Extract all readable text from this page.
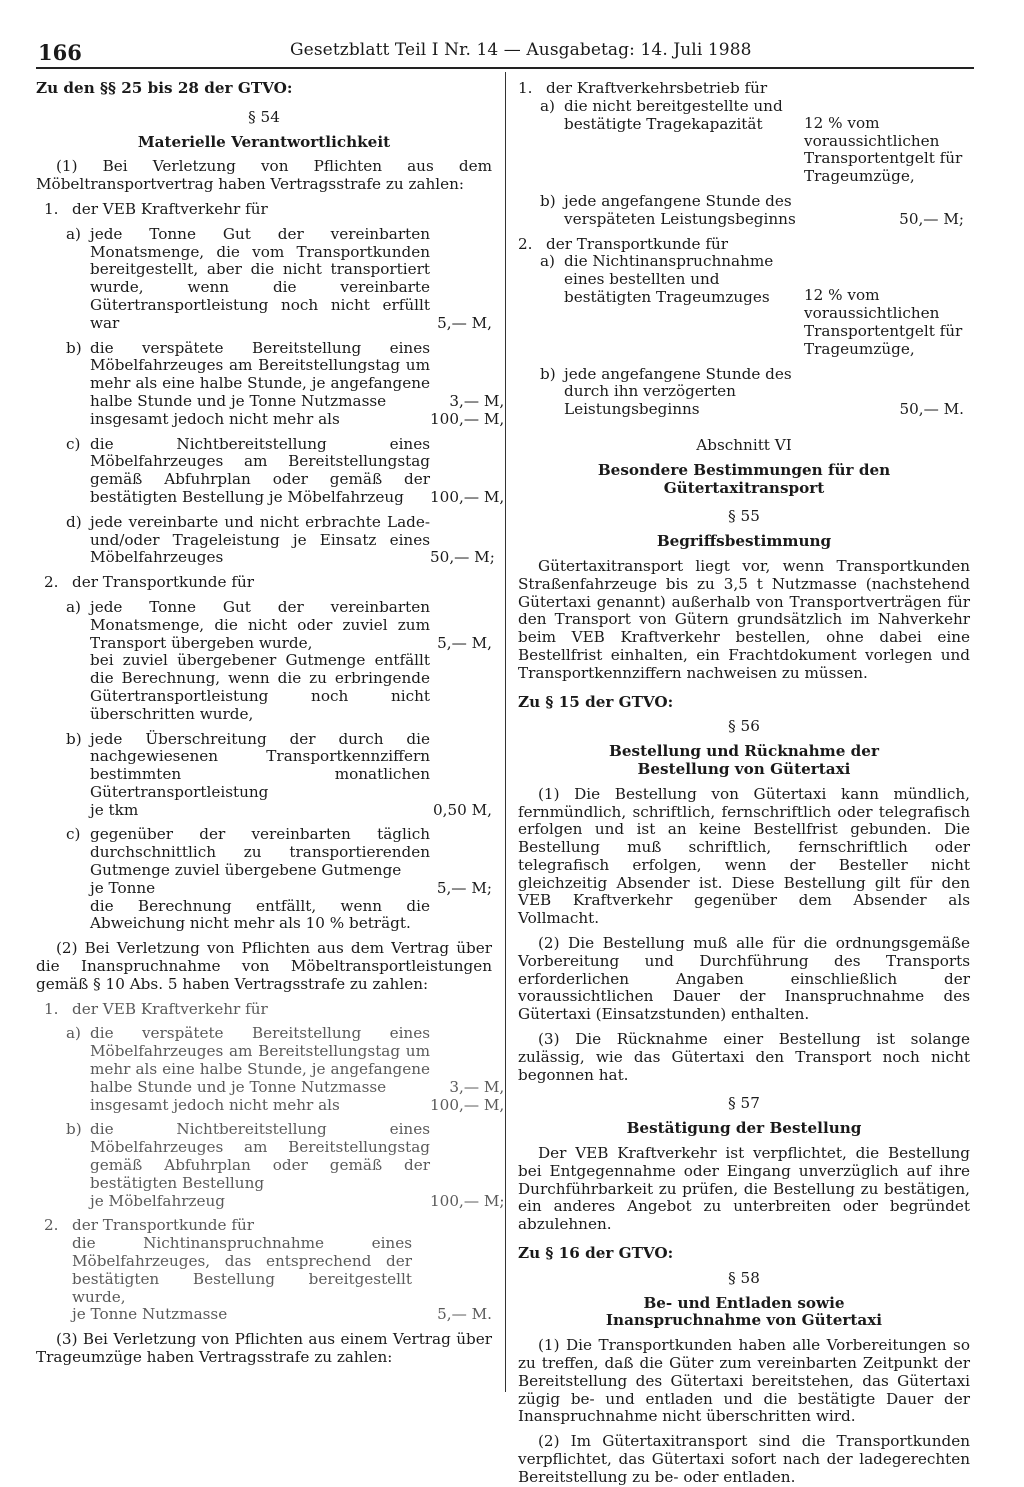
166	Gesetzblatt Teil I Nr. 14 — Ausgabetag: 14. Juli 1988

Zu den §§ 25 bis 28 der GTVO:

§ 54

Materielle Verantwortlichkeit

(1) Bei Verletzung von Pflichten aus dem Möbeltransportvertrag haben Vertragsstrafe zu zahlen:

1. der VEB Kraftverkehr für
a) jede Tonne Gut der vereinbarten Monatsmenge, die vom Transportkunden bereitgestellt, aber die nicht transportiert wurde, wenn die vereinbarte Gütertransportleistung noch nicht erfüllt war	5,— M,
b) die verspätete Bereitstellung eines Möbelfahrzeuges am Bereitstellungstag um mehr als eine halbe Stunde, je angefangene halbe Stunde und je Tonne Nutzmasse	3,— M,
insgesamt jedoch nicht mehr als	100,— M,
c) die Nichtbereitstellung eines Möbelfahrzeuges am Bereitstellungstag gemäß Abfuhrplan oder gemäß der bestätigten Bestellung je Möbelfahrzeug	100,— M,
d) jede vereinbarte und nicht erbrachte Lade- und/oder Trageleistung je Einsatz eines Möbelfahrzeuges	50,— M;
2. der Transportkunde für
a) jede Tonne Gut der vereinbarten Monatsmenge, die nicht oder zuviel zum Transport übergeben wurde,	5,— M,
bei zuviel übergebener Gutmenge entfällt die Berechnung, wenn die zu erbringende Gütertransportleistung noch nicht überschritten wurde,
b) jede Überschreitung der durch die nachgewiesenen Transportkennziffern bestimmten monatlichen Gütertransportleistung
je tkm	0,50 M,
c) gegenüber der vereinbarten täglich durchschnittlich zu transportierenden Gutmenge zuviel übergebene Gutmenge
je Tonne	5,— M;
die Berechnung entfällt, wenn die Abweichung nicht mehr als 10 % beträgt.

(2) Bei Verletzung von Pflichten aus dem Vertrag über die Inanspruchnahme von Möbeltransportleistungen gemäß § 10 Abs. 5 haben Vertragsstrafe zu zahlen:

1. der VEB Kraftverkehr für
a) die verspätete Bereitstellung eines Möbelfahrzeuges am Bereitstellungstag um mehr als eine halbe Stunde, je angefangene halbe Stunde und je Tonne Nutzmasse	3,— M,
insgesamt jedoch nicht mehr als	100,— M,
b) die Nichtbereitstellung eines Möbelfahrzeuges am Bereitstellungstag gemäß Abfuhrplan oder gemäß der bestätigten Bestellung
je Möbelfahrzeug	100,— M;
2. der Transportkunde für
die Nichtinanspruchnahme eines Möbelfahrzeuges, das entsprechend der bestätigten Bestellung bereitgestellt wurde,
je Tonne Nutzmasse	5,— M.

(3) Bei Verletzung von Pflichten aus einem Vertrag über Trageumzüge haben Vertragsstrafe zu zahlen:

1. der Kraftverkehrsbetrieb für
a) die nicht bereitgestellte und bestätigte Tragekapazität	12 % vom voraussichtlichen Transportentgelt für Trageumzüge,
b) jede angefangene Stunde des verspäteten Leistungsbeginns	50,— M;
2. der Transportkunde für
a) die Nichtinanspruchnahme eines bestellten und bestätigten Trageumzuges	12 % vom voraussichtlichen Transportentgelt für Trageumzüge,
b) jede angefangene Stunde des durch ihn verzögerten Leistungsbeginns	50,— M.

Abschnitt VI

Besondere Bestimmungen für den Gütertaxitransport

§ 55

Begriffsbestimmung

Gütertaxitransport liegt vor, wenn Transportkunden Straßenfahrzeuge bis zu 3,5 t Nutzmasse (nachstehend Gütertaxi genannt) außerhalb von Transportverträgen für den Transport von Gütern grundsätzlich im Nahverkehr beim VEB Kraftverkehr bestellen, ohne dabei eine Bestellfrist einhalten, ein Frachtdokument vorlegen und Transportkennziffern nachweisen zu müssen.

Zu § 15 der GTVO:

§ 56

Bestellung und Rücknahme der Bestellung von Gütertaxi

(1) Die Bestellung von Gütertaxi kann mündlich, fernmündlich, schriftlich, fernschriftlich oder telegrafisch erfolgen und ist an keine Bestellfrist gebunden. Die Bestellung muß schriftlich, fernschriftlich oder telegrafisch erfolgen, wenn der Besteller nicht gleichzeitig Absender ist. Diese Bestellung gilt für den VEB Kraftverkehr gegenüber dem Absender als Vollmacht.

(2) Die Bestellung muß alle für die ordnungsgemäße Vorbereitung und Durchführung des Transports erforderlichen Angaben einschließlich der voraussichtlichen Dauer der Inanspruchnahme des Gütertaxi (Einsatzstunden) enthalten.

(3) Die Rücknahme einer Bestellung ist solange zulässig, wie das Gütertaxi den Transport noch nicht begonnen hat.

§ 57

Bestätigung der Bestellung

Der VEB Kraftverkehr ist verpflichtet, die Bestellung bei Entgegennahme oder Eingang unverzüglich auf ihre Durchführbarkeit zu prüfen, die Bestellung zu bestätigen, ein anderes Angebot zu unterbreiten oder begründet abzulehnen.

Zu § 16 der GTVO:

§ 58

Be- und Entladen sowie Inanspruchnahme von Gütertaxi

(1) Die Transportkunden haben alle Vorbereitungen so zu treffen, daß die Güter zum vereinbarten Zeitpunkt der Bereitstellung des Gütertaxi bereitstehen, das Gütertaxi zügig be- und entladen und die bestätigte Dauer der Inanspruchnahme nicht überschritten wird.

(2) Im Gütertaxitransport sind die Transportkunden verpflichtet, das Gütertaxi sofort nach der ladegerechten Bereitstellung zu be- oder entladen.
